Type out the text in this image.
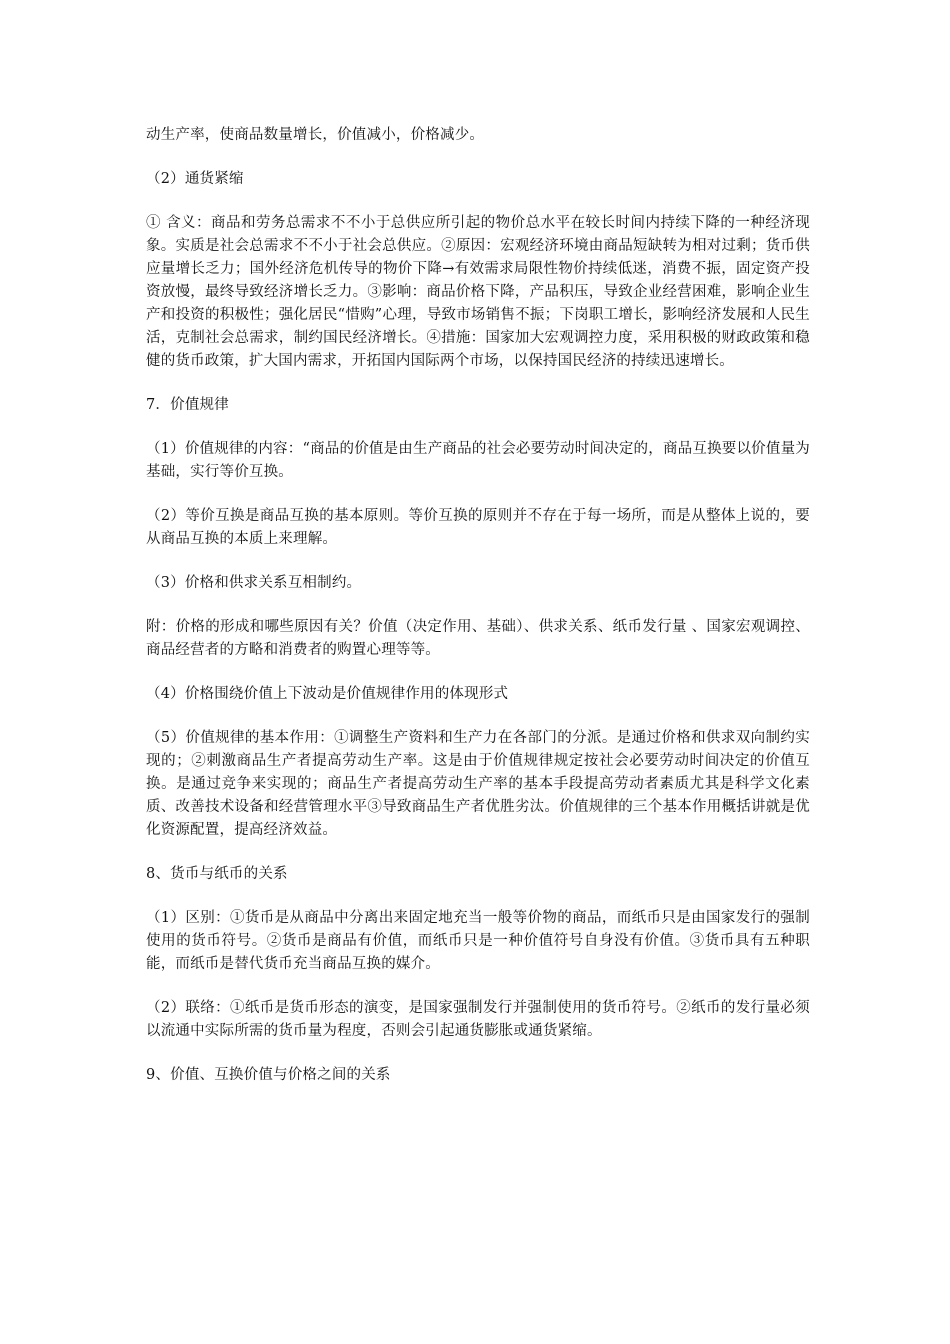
动生产率，使商品数量增长，价值减小，价格减少。

（2）通货紧缩

① 含义：商品和劳务总需求不不小于总供应所引起的物价总水平在较长时间内持续下降的一种经济现象。实质是社会总需求不不小于社会总供应。②原因：宏观经济环境由商品短缺转为相对过剩；货币供应量增长乏力；国外经济危机传导的物价下降→有效需求局限性物价持续低迷，消费不振，固定资产投资放慢，最终导致经济增长乏力。③影响：商品价格下降，产品积压，导致企业经营困难，影响企业生产和投资的积极性；强化居民“惜购”心理，导致市场销售不振；下岗职工增长，影响经济发展和人民生活，克制社会总需求，制约国民经济增长。④措施：国家加大宏观调控力度，采用积极的财政政策和稳健的货币政策，扩大国内需求，开拓国内国际两个市场，以保持国民经济的持续迅速增长。

7．价值规律

（1）价值规律的内容：“商品的价值是由生产商品的社会必要劳动时间决定的，商品互换要以价值量为基础，实行等价互换。

（2）等价互换是商品互换的基本原则。等价互换的原则并不存在于每一场所，而是从整体上说的，要从商品互换的本质上来理解。

（3）价格和供求关系互相制约。

附：价格的形成和哪些原因有关？价值（决定作用、基础）、供求关系、纸币发行量 、国家宏观调控、商品经营者的方略和消费者的购置心理等等。

（4）价格围绕价值上下波动是价值规律作用的体现形式

（5）价值规律的基本作用：①调整生产资料和生产力在各部门的分派。是通过价格和供求双向制约实现的；②刺激商品生产者提高劳动生产率。这是由于价值规律规定按社会必要劳动时间决定的价值互换。是通过竞争来实现的；商品生产者提高劳动生产率的基本手段提高劳动者素质尤其是科学文化素质、改善技术设备和经营管理水平③导致商品生产者优胜劣汰。价值规律的三个基本作用概括讲就是优化资源配置，提高经济效益。

8、货币与纸币的关系

（1）区别：①货币是从商品中分离出来固定地充当一般等价物的商品，而纸币只是由国家发行的强制使用的货币符号。②货币是商品有价值，而纸币只是一种价值符号自身没有价值。③货币具有五种职能，而纸币是替代货币充当商品互换的媒介。

（2）联络：①纸币是货币形态的演变，是国家强制发行并强制使用的货币符号。②纸币的发行量必须以流通中实际所需的货币量为程度，否则会引起通货膨胀或通货紧缩。

9、价值、互换价值与价格之间的关系
